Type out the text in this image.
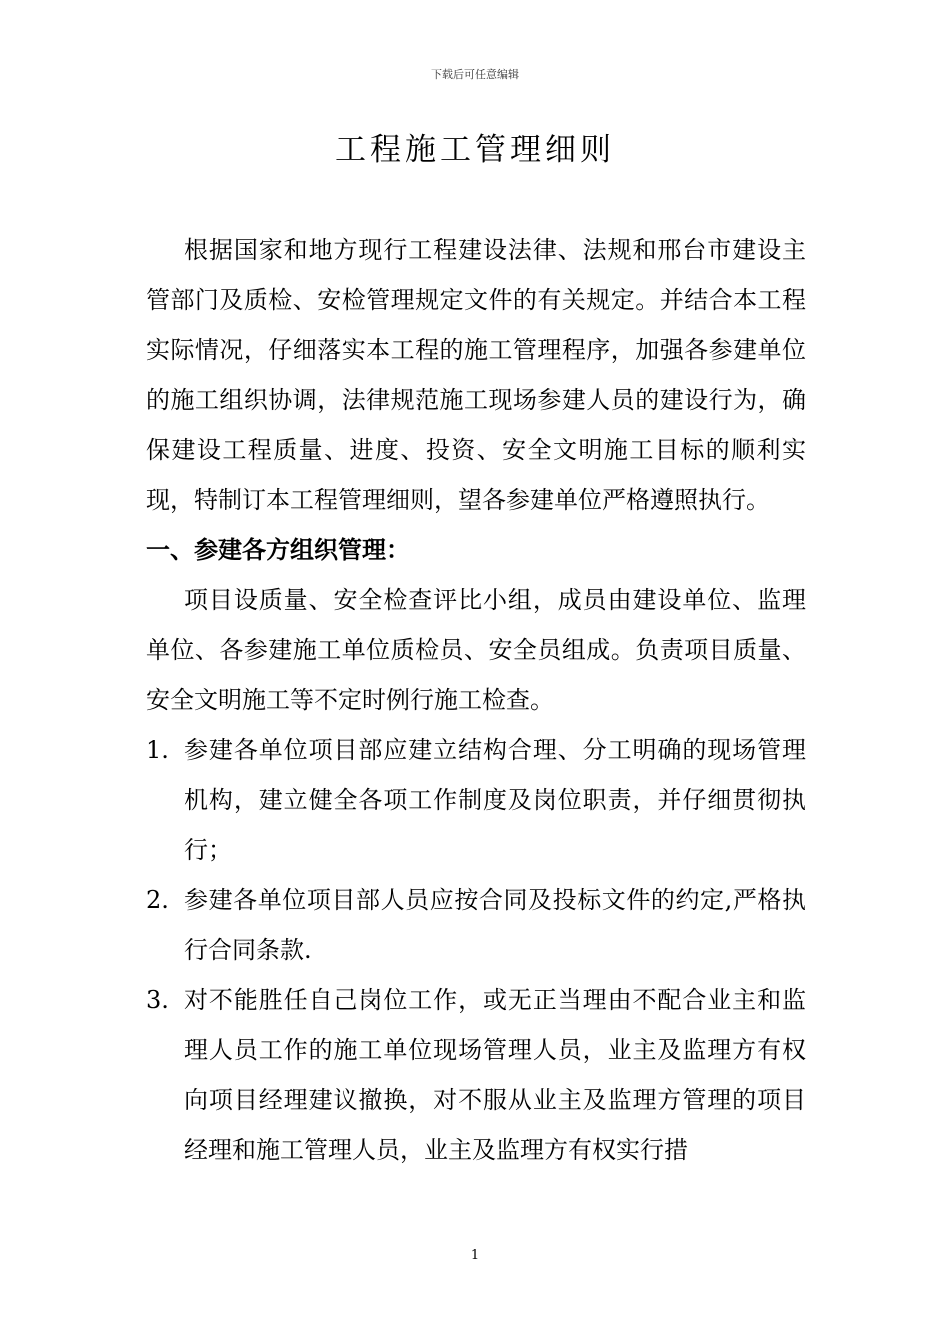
下载后可任意编辑
工程施工管理细则

根据国家和地方现行工程建设法律、法规和邢台市建设主管部门及质检、安检管理规定文件的有关规定。并结合本工程实际情况，仔细落实本工程的施工管理程序，加强各参建单位的施工组织协调，法律规范施工现场参建人员的建设行为，确保建设工程质量、进度、投资、安全文明施工目标的顺利实现，特制订本工程管理细则，望各参建单位严格遵照执行。

一、参建各方组织管理：

项目设质量、安全检查评比小组，成员由建设单位、监理单位、各参建施工单位质检员、安全员组成。负责项目质量、安全文明施工等不定时例行施工检查。

1. 参建各单位项目部应建立结构合理、分工明确的现场管理机构，建立健全各项工作制度及岗位职责，并仔细贯彻执行；
2. 参建各单位项目部人员应按合同及投标文件的约定,严格执行合同条款.
3. 对不能胜任自己岗位工作，或无正当理由不配合业主和监理人员工作的施工单位现场管理人员，业主及监理方有权向项目经理建议撤换，对不服从业主及监理方管理的项目经理和施工管理人员，业主及监理方有权实行措
1
